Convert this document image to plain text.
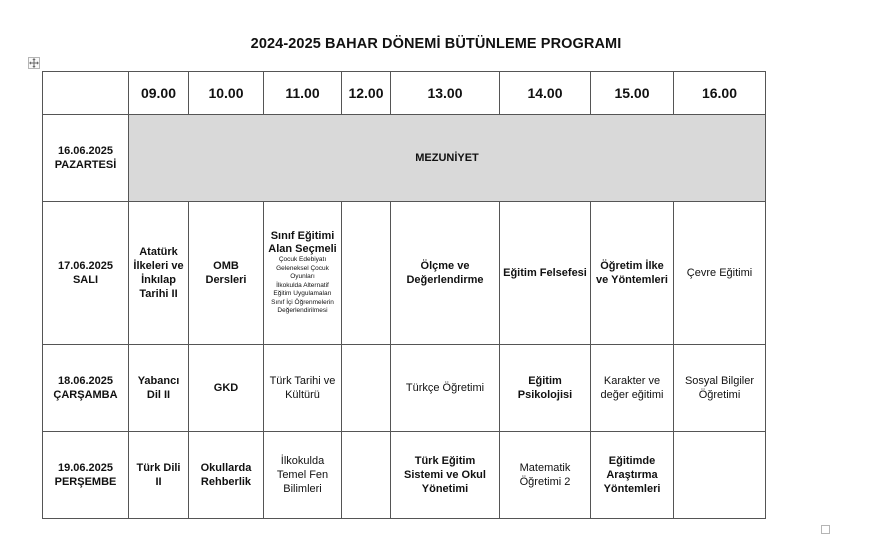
2024-2025 BAHAR DÖNEMİ BÜTÜNLEME PROGRAMI
	09.00	10.00	11.00	12.00	13.00	14.00	15.00	16.00

16.06.2025
PAZARTESİ	MEZUNİYET							

17.06.2025
SALI	Atatürk İlkeleri ve İnkılap Tarihi II	OMB Dersleri	Sınıf Eğitimi Alan Seçmeli
Çocuk Edebiyatı
Geleneksel Çocuk Oyunları
İlkokulda Alternatif Eğitim Uygulamaları
Sınıf İçi Öğrenmelerin Değerlendirilmesi		Ölçme ve Değerlendirme	Eğitim Felsefesi	Öğretim İlke ve Yöntemleri	Çevre Eğitimi

18.06.2025
ÇARŞAMBA	Yabancı Dil II	GKD	Türk Tarihi ve Kültürü		Türkçe Öğretimi	Eğitim Psikolojisi	Karakter ve değer eğitimi	Sosyal Bilgiler Öğretimi

19.06.2025
PERŞEMBE	Türk Dili II	Okullarda Rehberlik	İlkokulda Temel Fen Bilimleri		Türk Eğitim Sistemi ve Okul Yönetimi	Matematik Öğretimi 2	Eğitimde Araştırma Yöntemleri	
